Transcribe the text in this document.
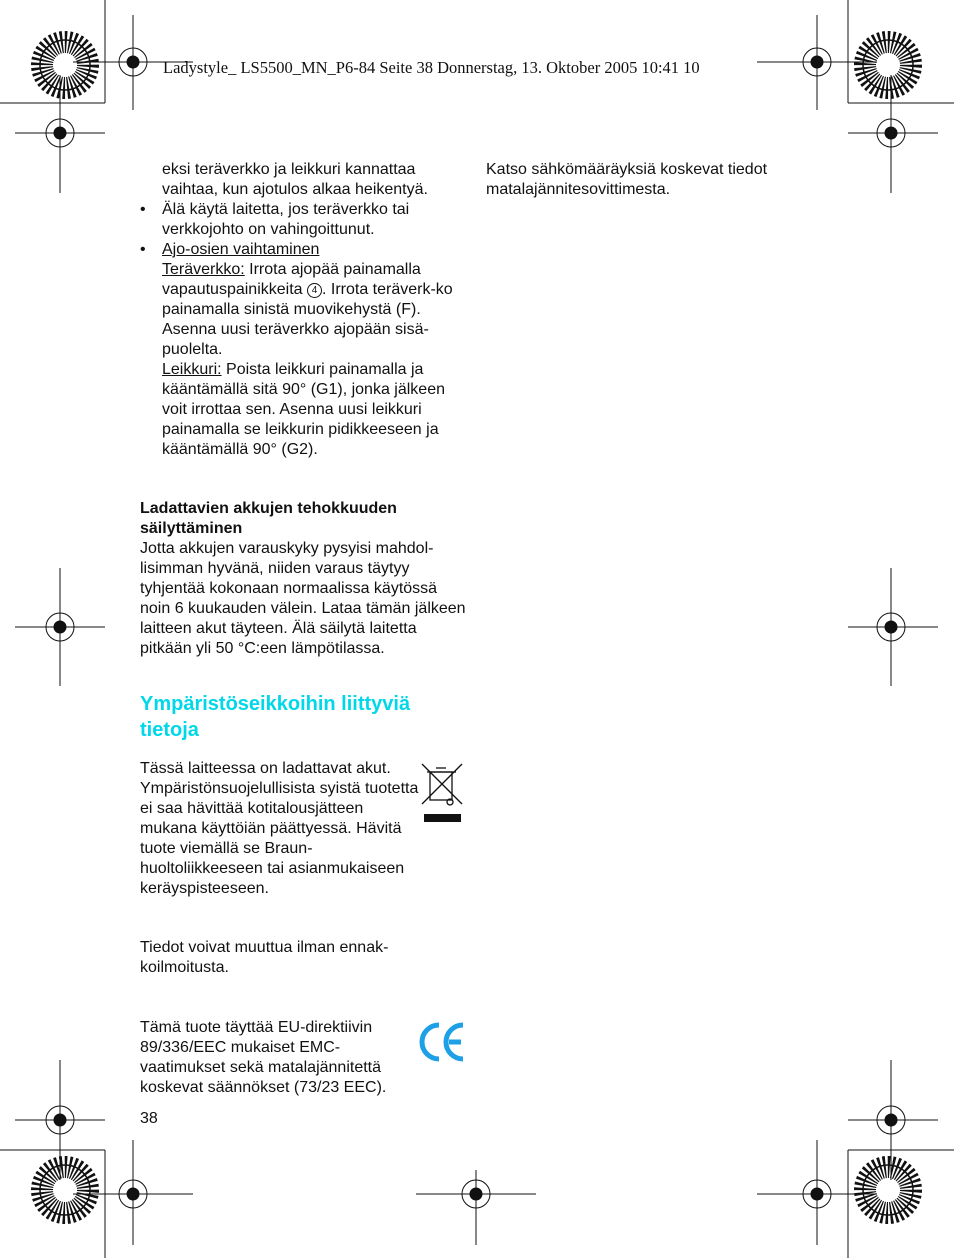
Ladystyle_ LS5500_MN_P6-84 Seite 38 Donnerstag, 13. Oktober 2005 10:41 10

eksi teräverkko ja leikkuri kannattaa vaihtaa, kun ajotulos alkaa heikentyä.

• Älä käytä laitetta, jos teräverkko tai verkkojohto on vahingoittunut.
• Ajo-osien vaihtaminen
Teräverkko: Irrota ajopää painamalla vapautuspainikkeita 4 . Irrota teräverk-ko painamalla sinistä muovikehystä (F). Asenna uusi teräverkko ajopään sisä-puolelta.
Leikkuri: Poista leikkuri painamalla ja kääntämällä sitä 90° (G1), jonka jälkeen voit irrottaa sen. Asenna uusi leikkuri painamalla se leikkurin pidikkeeseen ja kääntämällä 90° (G2).

Ladattavien akkujen tehokkuuden säilyttäminen

Jotta akkujen varauskyky pysyisi mahdol-lisimman hyvänä, niiden varaus täytyy tyhjentää kokonaan normaalissa käytössä noin 6 kuukauden välein. Lataa tämän jälkeen laitteen akut täyteen. Älä säilytä laitetta pitkään yli 50 °C:een lämpötilassa.

Ympäristöseikkoihin liittyviä tietoja

Tässä laitteessa on ladattavat akut. Ympäristönsuojelullisista syistä tuotetta ei saa hävittää kotitalousjätteen mukana käyttöiän päättyessä. Hävitä tuote viemällä se Braun-huoltoliikkeeseen tai asianmukaiseen keräyspisteeseen.

Tiedot voivat muuttua ilman ennak-koilmoitusta.

Tämä tuote täyttää EU-direktiivin 89/336/EEC mukaiset EMC-vaatimukset sekä matalajännitettä koskevat säännökset (73/23 EEC).

38

Katso sähkömääräyksiä koskevat tiedot matalajännitesovittimesta.
